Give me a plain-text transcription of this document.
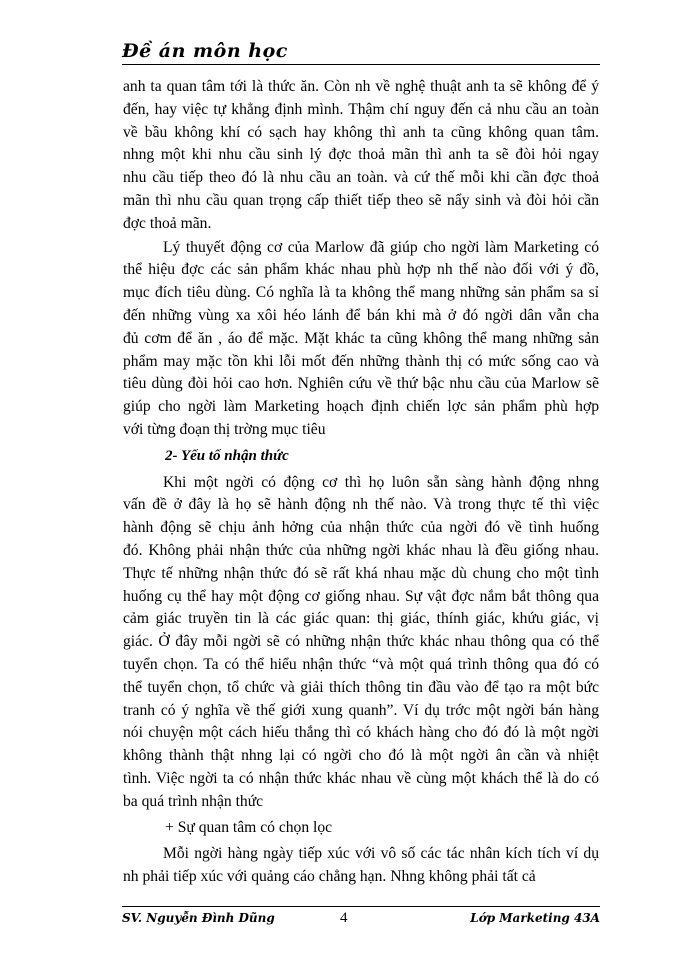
Đề án môn học
anh ta quan tâm tới là thức ăn. Còn nh về nghệ thuật anh ta sẽ không để ý
đến, hay việc tự khẳng định mình. Thậm chí nguy đến cả nhu cầu an toàn
về bầu không khí có sạch hay không thì anh ta cũng không quan tâm.
nhng một khi nhu cầu sinh lý đợc thoả mãn thì anh ta sẽ đòi hỏi ngay
nhu cầu tiếp theo đó là nhu cầu an toàn. và cứ thế mỗi khi cần đợc thoả
mãn thì nhu cầu quan trọng cấp thiết tiếp theo sẽ nẩy sinh và đòi hỏi cần
đợc thoả mãn.
Lý thuyết động cơ của Marlow đã giúp cho ngời làm Marketing có
thể hiệu đợc các sản phẩm khác nhau phù hợp nh thế nào đối với ý đồ,
mục đích tiêu dùng. Có nghĩa là ta không thể mang những sản phẩm sa sỉ
đến những vùng xa xôi héo lánh để bán khi mà ở đó ngời dân vẫn cha
đủ cơm để ăn , áo để mặc. Mặt khác ta cũng không thể mang những sản
phẩm may mặc tồn khi lỗi mốt đến những thành thị có mức sống cao và
tiêu dùng đòi hỏi cao hơn. Nghiên cứu về thứ bậc nhu cầu của Marlow sẽ
giúp cho ngời làm Marketing hoạch định chiến lợc sản phẩm phù hợp
với từng đoạn thị trờng mục tiêu
2- Yếu tố nhận thức
Khi một ngời có động cơ thì họ luôn sẵn sàng hành động nhng
vấn đề ở đây là họ sẽ hành động nh thế nào. Và trong thực tế thì việc
hành động sẽ chịu ảnh hởng của nhận thức của ngời đó về tình huống
đó. Không phải nhận thức của những ngời khác nhau là đều giống nhau.
Thực tế những nhận thức đó sẽ rất khá nhau mặc dù chung cho một tình
huống cụ thể hay một động cơ giống nhau. Sự vật đợc nắm bắt thông qua
cảm giác truyền tin là các giác quan: thị giác, thính giác, khứu giác, vị
giác. Ở đây mỗi ngời sẽ có những nhận thức khác nhau thông qua có thể
tuyển chọn. Ta có thể hiểu nhận thức “và một quá trình thông qua đó có
thể tuyển chọn, tổ chức và giải thích thông tin đầu vào để tạo ra một bức
tranh có ý nghĩa về thế giới xung quanh”. Ví dụ trớc một ngời bán hàng
nói chuyện một cách hiếu thắng thì có khách hàng cho đó đó là một ngời
không thành thật nhng lại có ngời cho đó là một ngời ân cần và nhiệt
tình. Việc ngời ta có nhận thức khác nhau về cùng một khách thể là do có
ba quá trình nhận thức
+ Sự quan tâm có chọn lọc
Mỗi ngời hàng ngày tiếp xúc với vô số các tác nhân kích tích ví dụ
nh phải tiếp xúc với quảng cáo chẳng hạn. Nhng không phải tất cả
SV. Nguyễn Đình Dũng	4	Lớp Marketing 43A
